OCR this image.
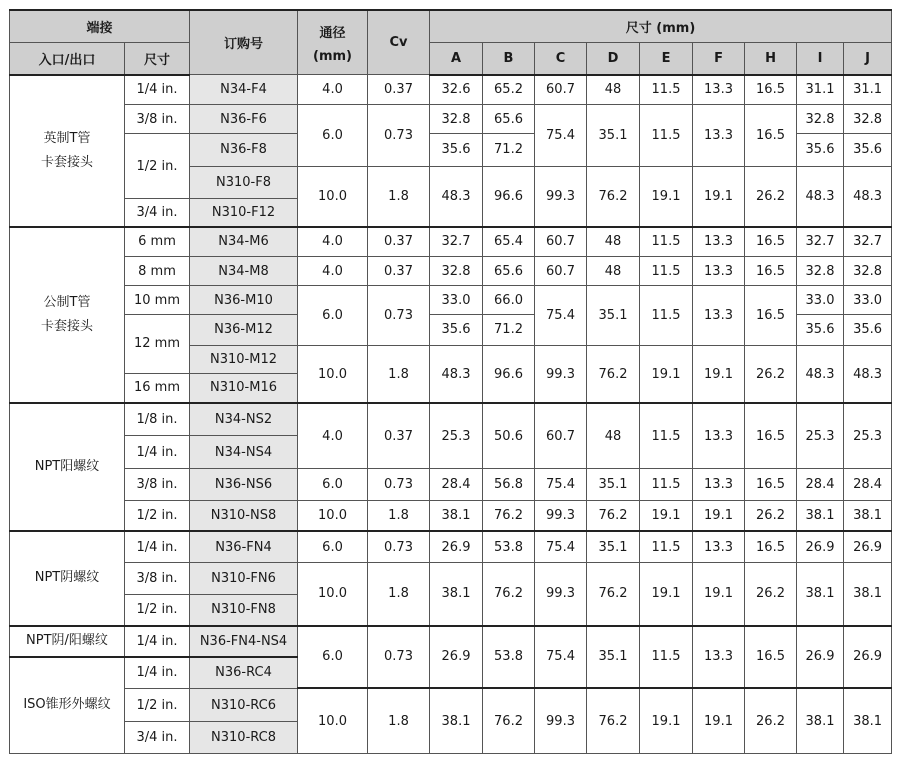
端接		订购号	通径
(mm)	Cv	尺寸 (mm)								
入口/出口	尺寸				A	B	C	D	E	F	H	I	J

英制T管
卡套接头	1/4 in.	N34-F4	4.0	0.37	32.6	65.2	60.7	48	11.5	13.3	16.5	31.1	31.1
	3/8 in.	N36-F6	6.0	0.73	32.8	65.6	75.4	35.1	11.5	13.3	16.5	32.8	32.8
	1/2 in.	N36-F8			35.6	71.2						35.6	35.6
		N310-F8	10.0	1.8	48.3	96.6	99.3	76.2	19.1	19.1	26.2	48.3	48.3
	3/4 in.	N310-F12											

公制T管
卡套接头	6 mm	N34-M6	4.0	0.37	32.7	65.4	60.7	48	11.5	13.3	16.5	32.7	32.7
	8 mm	N34-M8	4.0	0.37	32.8	65.6	60.7	48	11.5	13.3	16.5	32.8	32.8
	10 mm	N36-M10	6.0	0.73	33.0	66.0	75.4	35.1	11.5	13.3	16.5	33.0	33.0
	12 mm	N36-M12			35.6	71.2						35.6	35.6
		N310-M12	10.0	1.8	48.3	96.6	99.3	76.2	19.1	19.1	26.2	48.3	48.3
	16 mm	N310-M16											
NPT阳螺纹	1/8 in.	N34-NS2	4.0	0.37	25.3	50.6	60.7	48	11.5	13.3	16.5	25.3	25.3
	1/4 in.	N34-NS4											
	3/8 in.	N36-NS6	6.0	0.73	28.4	56.8	75.4	35.1	11.5	13.3	16.5	28.4	28.4
	1/2 in.	N310-NS8	10.0	1.8	38.1	76.2	99.3	76.2	19.1	19.1	26.2	38.1	38.1
NPT阴螺纹	1/4 in.	N36-FN4	6.0	0.73	26.9	53.8	75.4	35.1	11.5	13.3	16.5	26.9	26.9
	3/8 in.	N310-FN6	10.0	1.8	38.1	76.2	99.3	76.2	19.1	19.1	26.2	38.1	38.1
	1/2 in.	N310-FN8											
NPT阴/阳螺纹	1/4 in.	N36-FN4-NS4	6.0	0.73	26.9	53.8	75.4	35.1	11.5	13.3	16.5	26.9	26.9
ISO锥形外螺纹	1/4 in.	N36-RC4											
	1/2 in.	N310-RC6	10.0	1.8	38.1	76.2	99.3	76.2	19.1	19.1	26.2	38.1	38.1
	3/4 in.	N310-RC8											
